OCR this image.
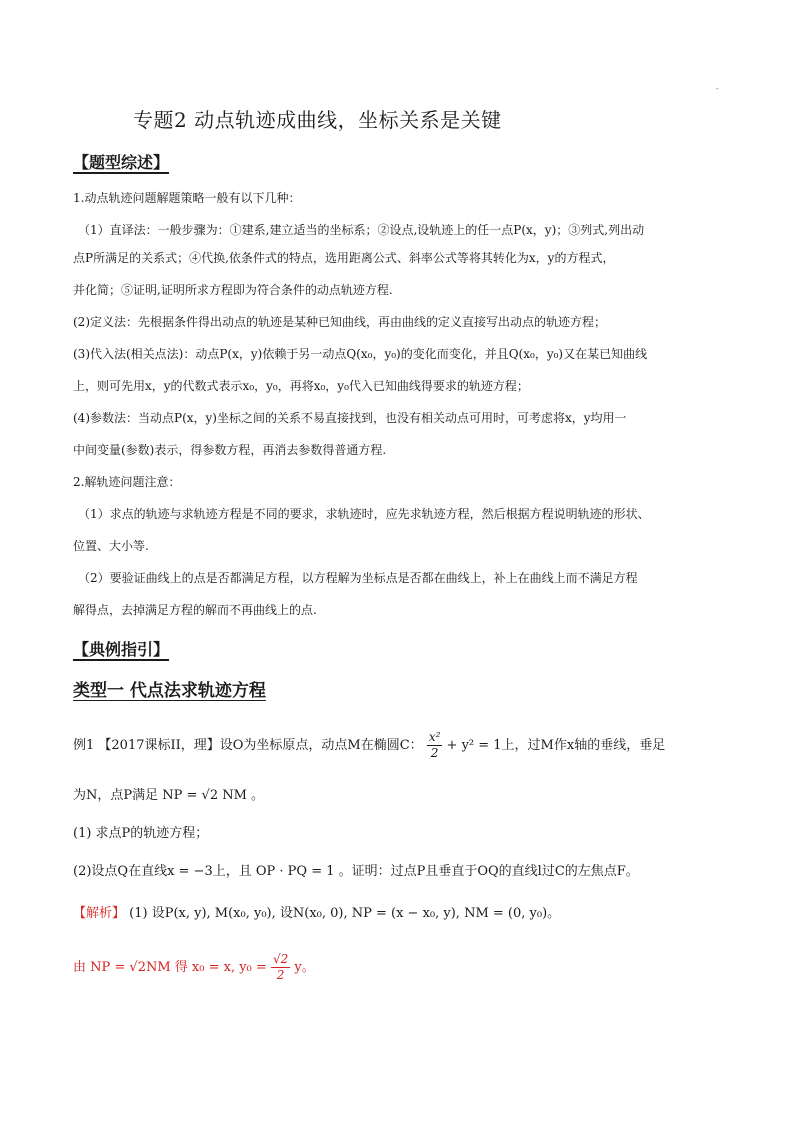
-
专题2 动点轨迹成曲线，坐标关系是关键
【题型综述】
1.动点轨迹问题解题策略一般有以下几种：
（1）直译法：一般步骤为：①建系,建立适当的坐标系；②设点,设轨迹上的任一点P(x，y)；③列式,列出动
点P所满足的关系式；④代换,依条件式的特点，选用距离公式、斜率公式等将其转化为x，y的方程式，
并化简；⑤证明,证明所求方程即为符合条件的动点轨迹方程.
(2)定义法：先根据条件得出动点的轨迹是某种已知曲线，再由曲线的定义直接写出动点的轨迹方程；
(3)代入法(相关点法)：动点P(x，y)依赖于另一动点Q(x₀，y₀)的变化而变化，并且Q(x₀，y₀)又在某已知曲线
上，则可先用x，y的代数式表示x₀，y₀，再将x₀，y₀代入已知曲线得要求的轨迹方程；
(4)参数法：当动点P(x，y)坐标之间的关系不易直接找到，也没有相关动点可用时，可考虑将x，y均用一
中间变量(参数)表示，得参数方程，再消去参数得普通方程.
2.解轨迹问题注意：
（1）求点的轨迹与求轨迹方程是不同的要求，求轨迹时，应先求轨迹方程，然后根据方程说明轨迹的形状、
位置、大小等.
（2）要验证曲线上的点是否都满足方程，以方程解为坐标点是否都在曲线上，补上在曲线上而不满足方程
解得点，去掉满足方程的解而不再曲线上的点.
【典例指引】
类型一 代点法求轨迹方程
例1 【2017课标II，理】设O为坐标原点，动点M在椭圆C： $\frac{\text{x²}}{2} + y^2 = 1$上，过M作x轴的垂线，垂足
为N，点P满足 NP = √2 NM 。
(1) 求点P的轨迹方程；
(2)设点Q在直线x = −3上，且 OP · PQ = 1 。证明：过点P且垂直于OQ的直线l过C的左焦点F。
【解析】 (1) 设P(x, y), M(x₀, y₀), 设N(x₀, 0), NP = (x − x₀, y), NM = (0, y₀)。
由 NP = √2NM 得 x₀ = x, $y_0 = \frac{√2}{2}$ y。
